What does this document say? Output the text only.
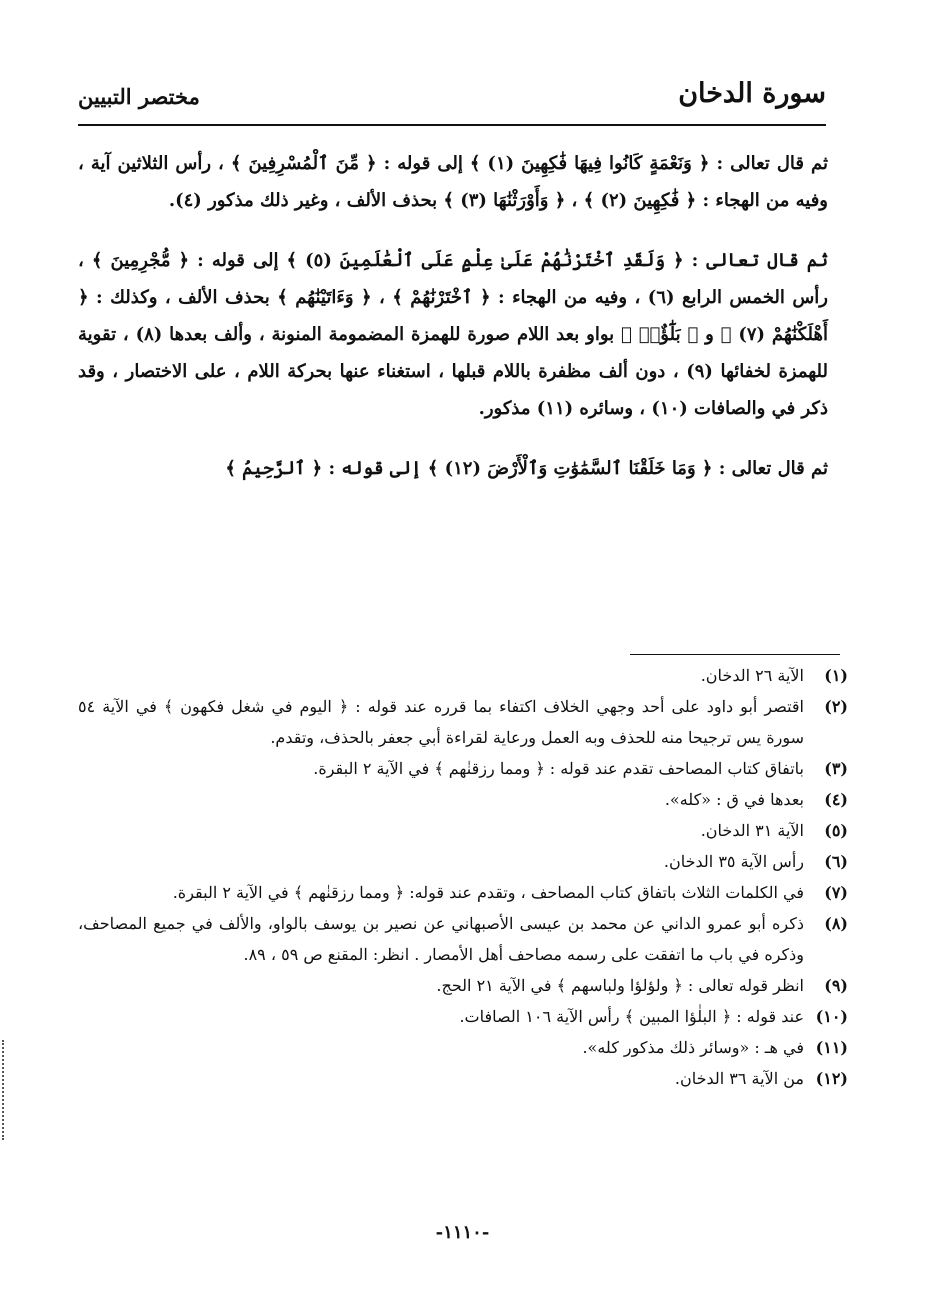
سورة الدخان
مختصر التبيين

ثم قال تعالى : ﴿ وَنَعْمَةٍ كَانُوا فِيهَا فَٰكِهِينَ (١) ﴾ إلى قوله : ﴿ مِّنَ ٱلْمُسْرِفِينَ ﴾ ، رأس الثلاثين آية ، وفيه من الهجاء : ﴿ فَٰكِهِينَ (٢) ﴾ ، ﴿ وَأَوْرَثْنَٰهَا (٣) ﴾ بحذف الألف ، وغير ذلك مذكور (٤).

ثم قال تعالى : ﴿ وَلَقَدِ ٱخْتَرْنَٰهُمْ عَلَىٰ عِلْمٍ عَلَى ٱلْعَٰلَمِينَ (٥) ﴾ إلى قوله : ﴿ مُّجْرِمِينَ ﴾ ، رأس الخمس الرابع (٦) ، وفيه من الهجاء : ﴿ ٱخْتَرْنَٰهُمْ ﴾ ، ﴿ وَءَاتَيْنَٰهُم ﴾ بحذف الألف ، وكذلك : ﴿ أَهْلَكْنَٰهُمْ (٧) ﴾ و ﴿ بَلَٰٓؤٌا۟ ﴾ بواو بعد اللام صورة للهمزة المضمومة المنونة ، وألف بعدها (٨) ، تقوية للهمزة لخفائها (٩) ، دون ألف مظفرة باللام قبلها ، استغناء عنها بحركة اللام ، على الاختصار ، وقد ذكر في والصافات (١٠) ، وسائره (١١) مذكور.

ثم قال تعالى : ﴿ وَمَا خَلَقْنَا ٱلسَّمَٰوَٰتِ وَٱلْأَرْضَ (١٢) ﴾ إلى قوله : ﴿ ٱلرَّحِيمُ ﴾

(١)
الآية ٢٦ الدخان.
(٢)
اقتصر أبو داود على أحد وجهي الخلاف اكتفاء بما قرره عند قوله : ﴿ اليوم في شغل فكهون ﴾ في الآية ٥٤ سورة يس ترجيحا منه للحذف وبه العمل ورعاية لقراءة أبي جعفر بالحذف، وتقدم.
(٣)
باتفاق كتاب المصاحف تقدم عند قوله : ﴿ ومما رزقنٰهم ﴾ في الآية ٢ البقرة.
(٤)
بعدها في ق : «كله».
(٥)
الآية ٣١ الدخان.
(٦)
رأس الآية ٣٥ الدخان.
(٧)
في الكلمات الثلاث باتفاق كتاب المصاحف ، وتقدم عند قوله: ﴿ ومما رزقنٰهم ﴾ في الآية ٢ البقرة.
(٨)
ذكره أبو عمرو الداني عن محمد بن عيسى الأصبهاني عن نصير بن يوسف بالواو، والألف في جميع المصاحف، وذكره في باب ما اتفقت على رسمه مصاحف أهل الأمصار . انظر: المقنع ص ٥٩ ، ٨٩.
(٩)
انظر قوله تعالى : ﴿ ولؤلؤا ولباسهم ﴾ في الآية ٢١ الحج.
(١٠)
عند قوله : ﴿ البلٰؤا المبين ﴾ رأس الآية ١٠٦ الصافات.
(١١)
في هـ : «وسائر ذلك مذكور كله».
(١٢)
من الآية ٣٦ الدخان.
-١١١٠-
